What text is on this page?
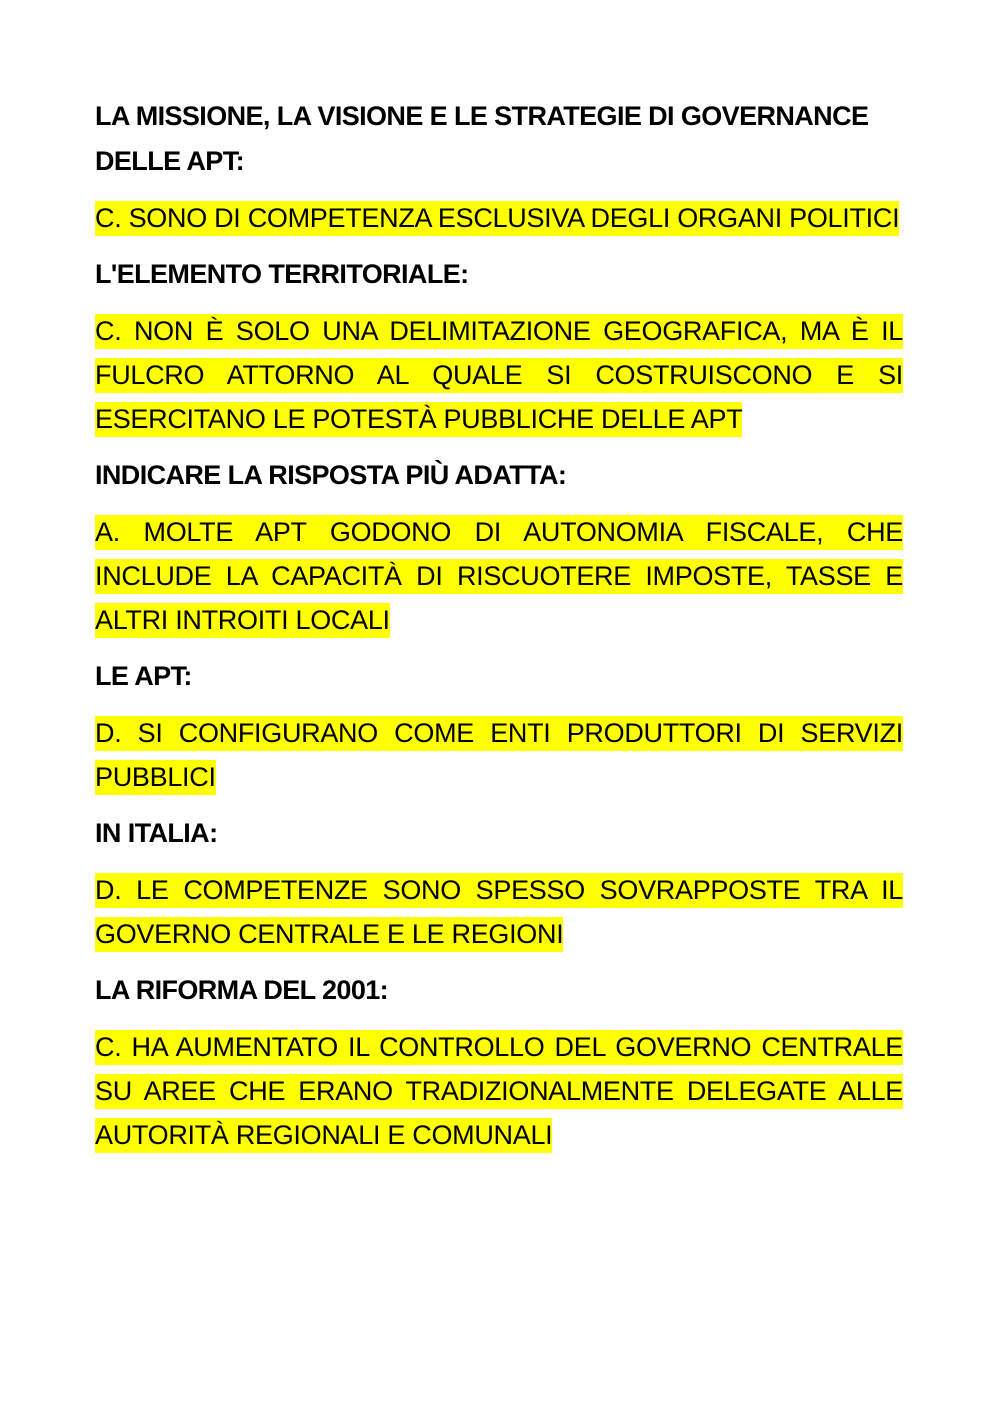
LA MISSIONE, LA VISIONE E LE STRATEGIE DI GOVERNANCE DELLE APT:

C. SONO DI COMPETENZA ESCLUSIVA DEGLI ORGANI POLITICI

L'ELEMENTO TERRITORIALE:

C. NON È SOLO UNA DELIMITAZIONE GEOGRAFICA, MA È IL FULCRO ATTORNO AL QUALE SI COSTRUISCONO E SI ESERCITANO LE POTESTÀ PUBBLICHE DELLE APT

INDICARE LA RISPOSTA PIÙ ADATTA:

A. MOLTE APT GODONO DI AUTONOMIA FISCALE, CHE INCLUDE LA CAPACITÀ DI RISCUOTERE IMPOSTE, TASSE E ALTRI INTROITI LOCALI

LE APT:

D. SI CONFIGURANO COME ENTI PRODUTTORI DI SERVIZI PUBBLICI

IN ITALIA:

D. LE COMPETENZE SONO SPESSO SOVRAPPOSTE TRA IL GOVERNO CENTRALE E LE REGIONI

LA RIFORMA DEL 2001:

C. HA AUMENTATO IL CONTROLLO DEL GOVERNO CENTRALE SU AREE CHE ERANO TRADIZIONALMENTE DELEGATE ALLE AUTORITÀ REGIONALI E COMUNALI
